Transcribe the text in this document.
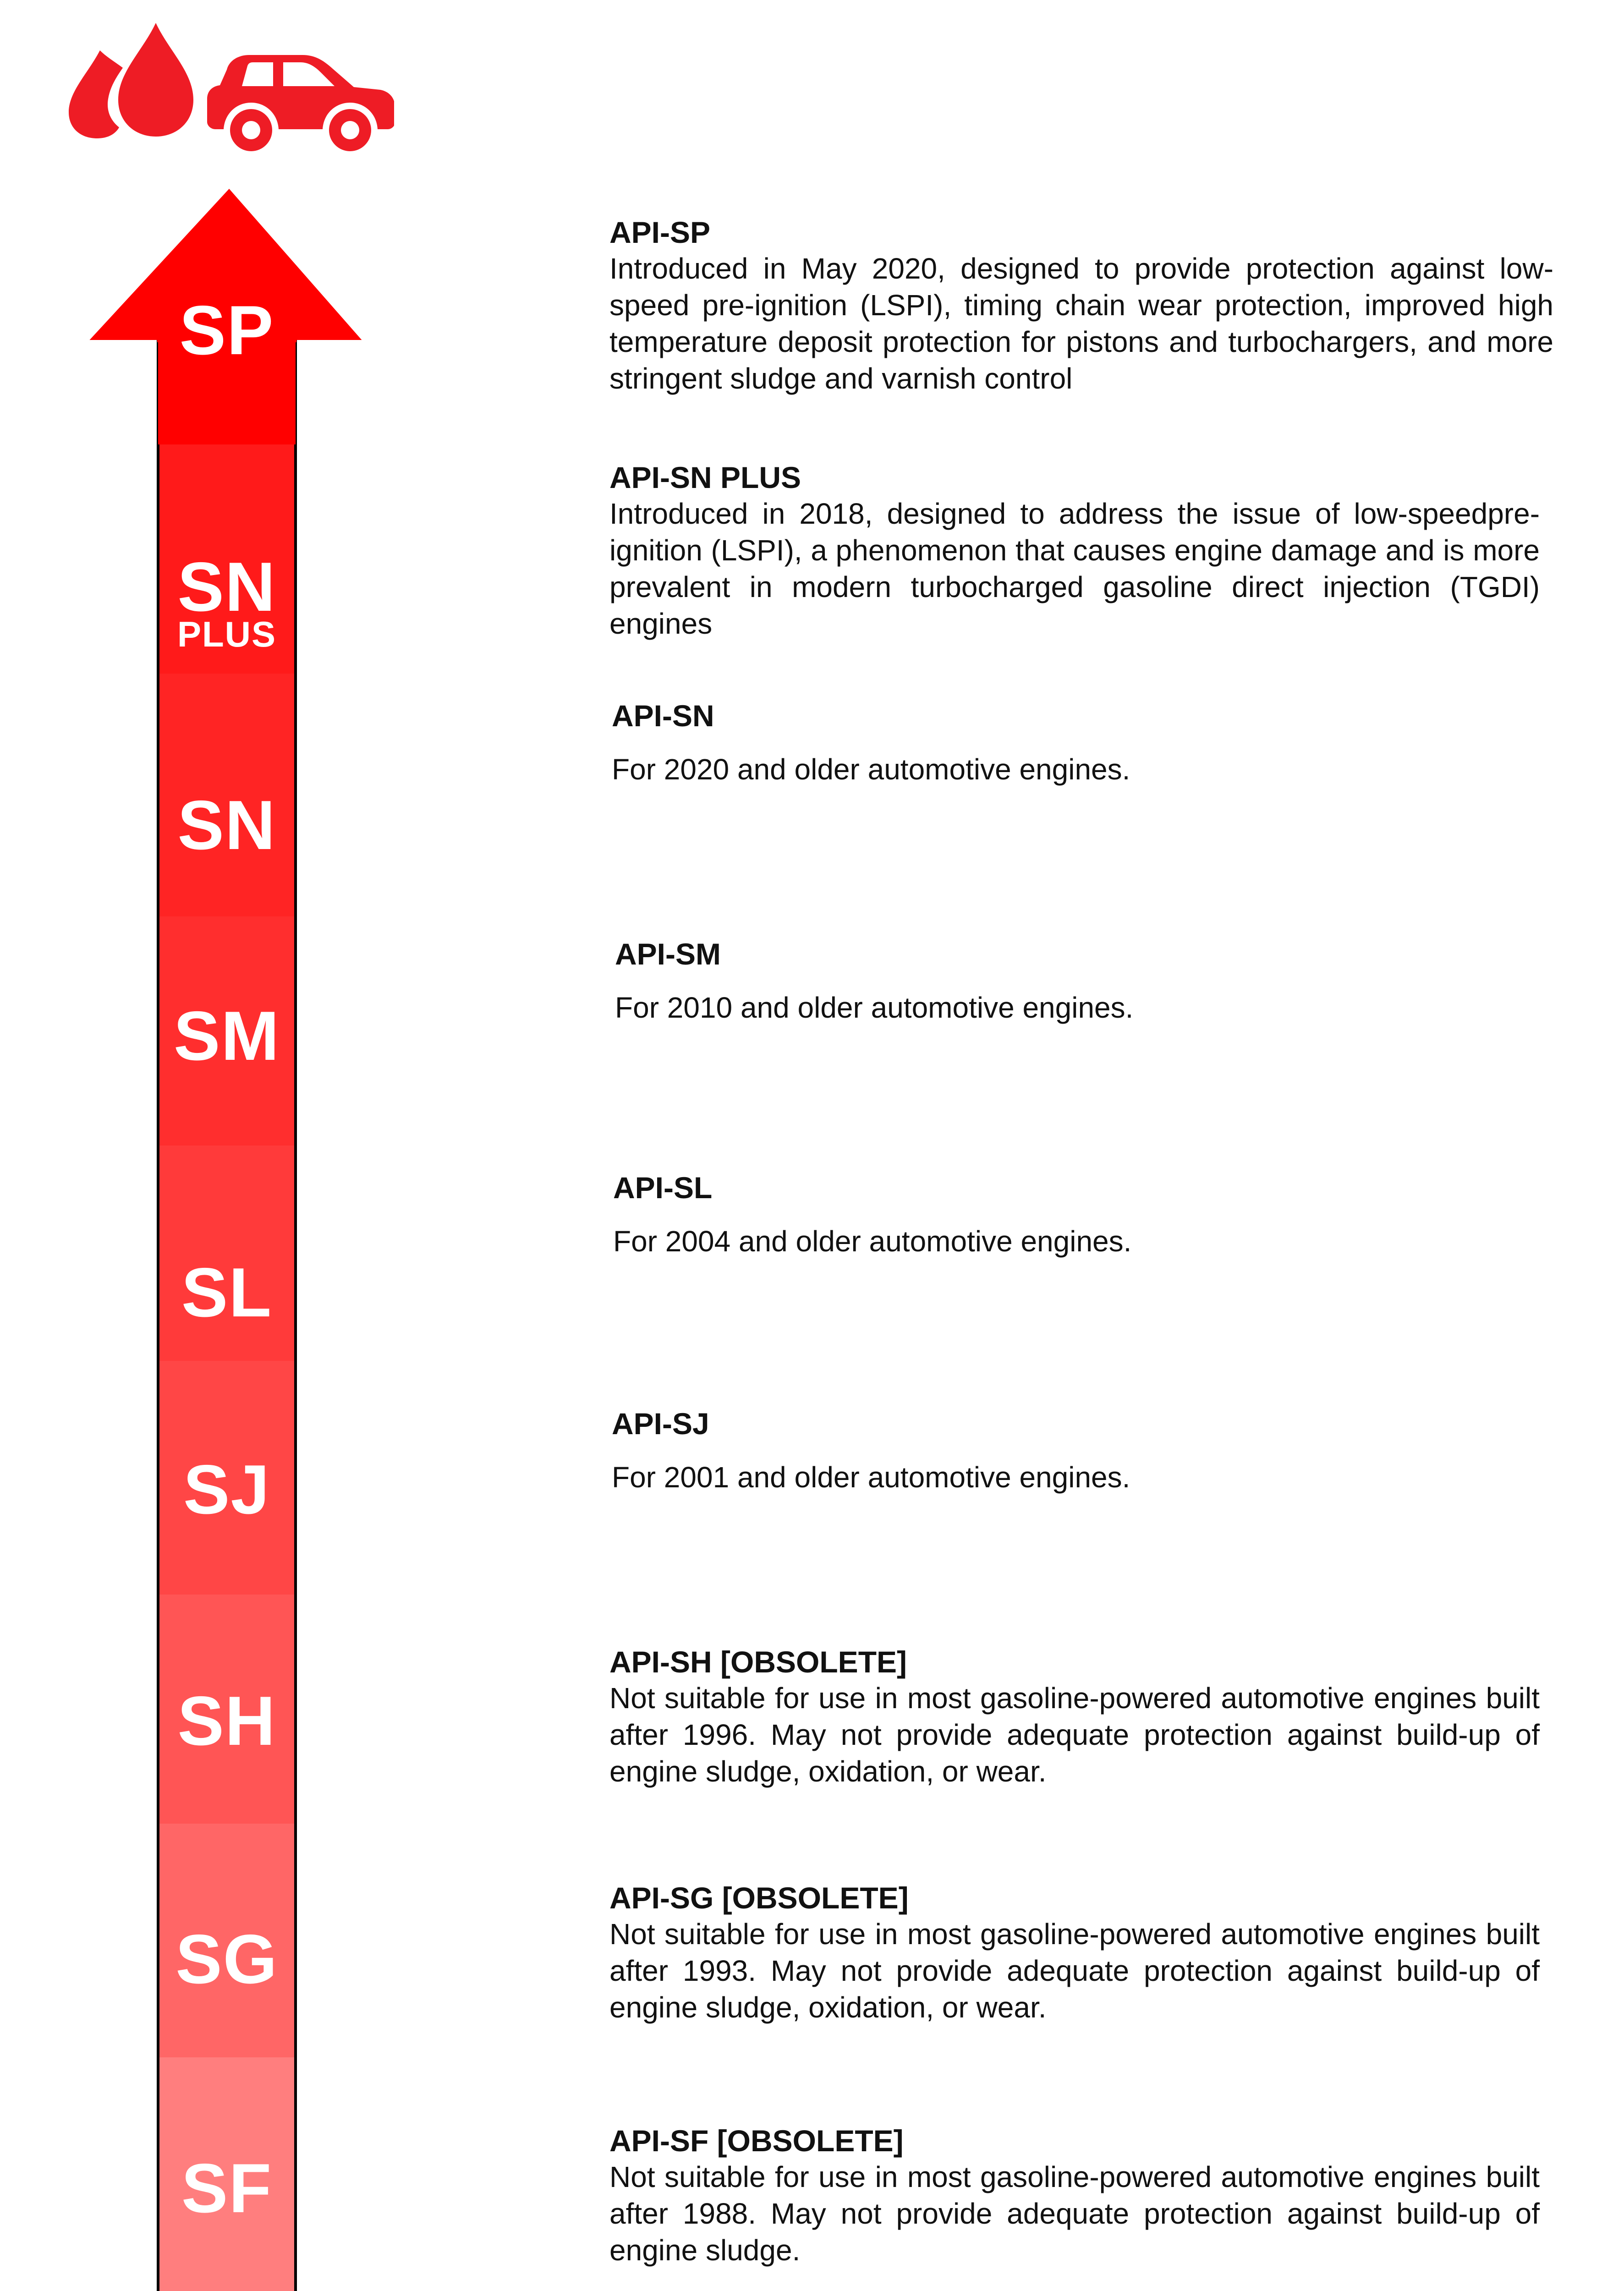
SP
SN
PLUS
SN
SM
SL
SJ
SH
SG
SF

API-SP

Introduced in May 2020, designed to provide protection against low-speed pre-ignition (LSPI), timing chain wear protection, improved high temperature deposit protection for pistons and turbochargers, and more stringent sludge and varnish control

API-SN PLUS

Introduced in 2018, designed to address the issue of low-speedpre-ignition (LSPI), a phenomenon that causes engine damage and is more prevalent in modern turbocharged gasoline direct injection (TGDI) engines

API-SN

For 2020 and older automotive engines.

API-SM

For 2010 and older automotive engines.

API-SL

For 2004 and older automotive engines.

API-SJ

For 2001 and older automotive engines.

API-SH [OBSOLETE]

Not suitable for use in most gasoline-powered automotive engines built after 1996. May not provide adequate protection against build-up of engine sludge, oxidation, or wear.

API-SG [OBSOLETE]

Not suitable for use in most gasoline-powered automotive engines built after 1993. May not provide adequate protection against build-up of engine sludge, oxidation, or wear.

API-SF [OBSOLETE]

Not suitable for use in most gasoline-powered automotive engines built after 1988. May not provide adequate protection against build-up of engine sludge.
